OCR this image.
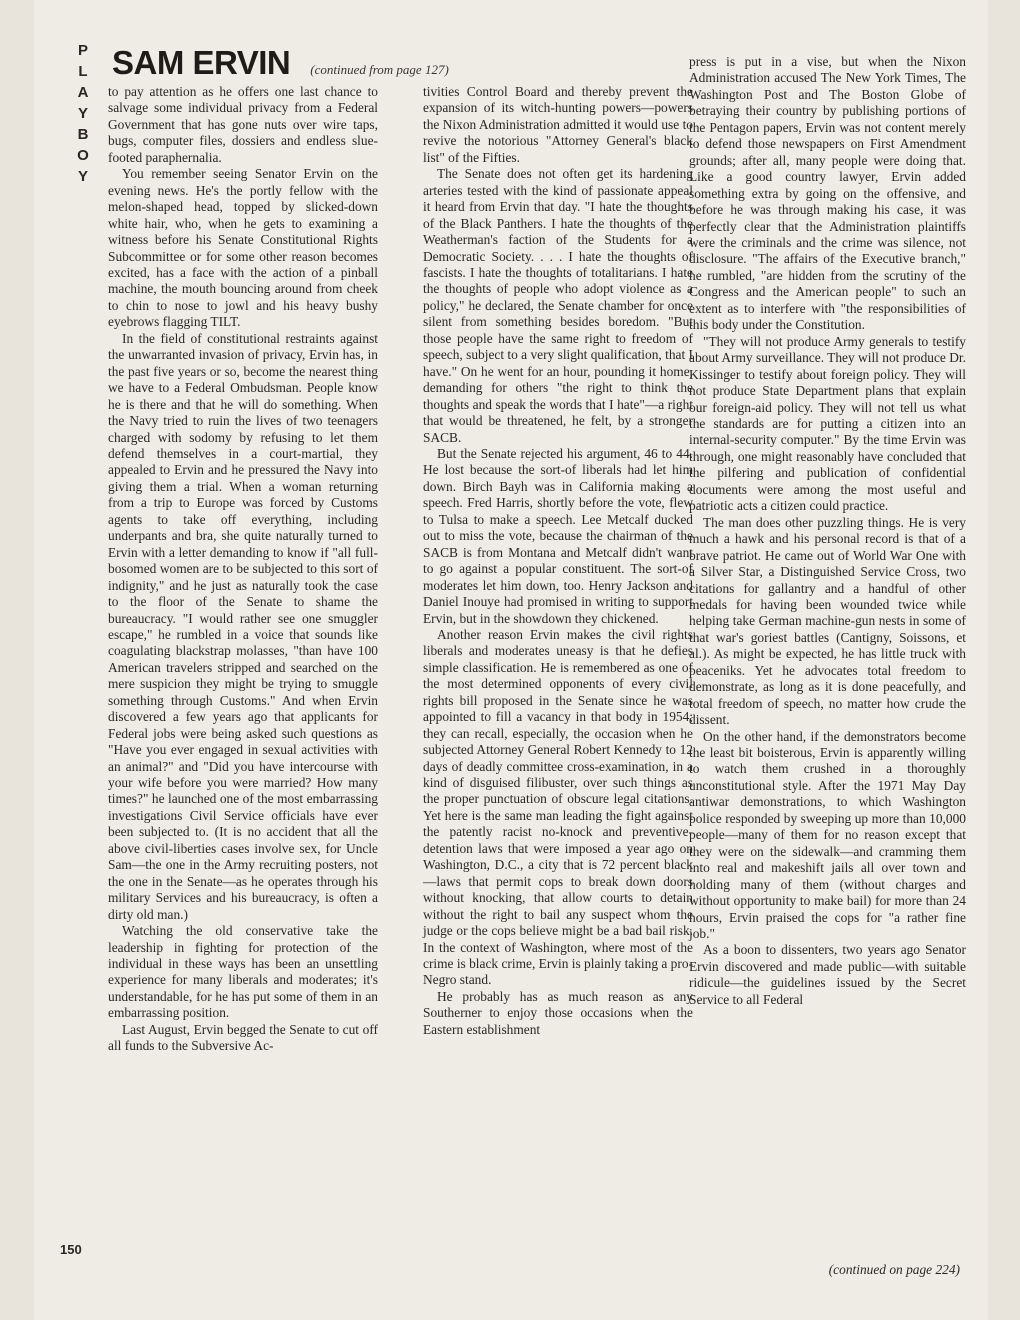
P
L
A
Y
B
O
Y
SAM ERVIN (continued from page 127)

to pay attention as he offers one last chance to salvage some individual privacy from a Federal Government that has gone nuts over wire taps, bugs, computer files, dossiers and endless slue-footed paraphernalia.

You remember seeing Senator Ervin on the evening news. He's the portly fellow with the melon-shaped head, topped by slicked-down white hair, who, when he gets to examining a witness before his Senate Constitutional Rights Subcommittee or for some other reason becomes excited, has a face with the action of a pinball machine, the mouth bouncing around from cheek to chin to nose to jowl and his heavy bushy eyebrows flagging TILT.

In the field of constitutional restraints against the unwarranted invasion of privacy, Ervin has, in the past five years or so, become the nearest thing we have to a Federal Ombudsman. People know he is there and that he will do something. When the Navy tried to ruin the lives of two teenagers charged with sodomy by refusing to let them defend themselves in a court-martial, they appealed to Ervin and he pressured the Navy into giving them a trial. When a woman returning from a trip to Europe was forced by Customs agents to take off everything, including underpants and bra, she quite naturally turned to Ervin with a letter demanding to know if "all full-bosomed women are to be subjected to this sort of indignity," and he just as naturally took the case to the floor of the Senate to shame the bureaucracy. "I would rather see one smuggler escape," he rumbled in a voice that sounds like coagulating blackstrap molasses, "than have 100 American travelers stripped and searched on the mere suspicion they might be trying to smuggle something through Customs." And when Ervin discovered a few years ago that applicants for Federal jobs were being asked such questions as "Have you ever engaged in sexual activities with an animal?" and "Did you have intercourse with your wife before you were married? How many times?" he launched one of the most embarrassing investigations Civil Service officials have ever been subjected to. (It is no accident that all the above civil-liberties cases involve sex, for Uncle Sam—the one in the Army recruiting posters, not the one in the Senate—as he operates through his military Services and his bureaucracy, is often a dirty old man.)

Watching the old conservative take the leadership in fighting for protection of the individual in these ways has been an unsettling experience for many liberals and moderates; it's understandable, for he has put some of them in an embarrassing position.

Last August, Ervin begged the Senate to cut off all funds to the Subversive Ac-

tivities Control Board and thereby prevent the expansion of its witch-hunting powers—powers the Nixon Administration admitted it would use to revive the notorious "Attorney General's black list" of the Fifties.

The Senate does not often get its hardening arteries tested with the kind of passionate appeal it heard from Ervin that day. "I hate the thoughts of the Black Panthers. I hate the thoughts of the Weatherman's faction of the Students for a Democratic Society. . . . I hate the thoughts of fascists. I hate the thoughts of totalitarians. I hate the thoughts of people who adopt violence as a policy," he declared, the Senate chamber for once silent from something besides boredom. "But those people have the same right to freedom of speech, subject to a very slight qualification, that I have." On he went for an hour, pounding it home, demanding for others "the right to think the thoughts and speak the words that I hate"—a right that would be threatened, he felt, by a stronger SACB.

But the Senate rejected his argument, 46 to 44. He lost because the sort-of liberals had let him down. Birch Bayh was in California making a speech. Fred Harris, shortly before the vote, flew to Tulsa to make a speech. Lee Metcalf ducked out to miss the vote, because the chairman of the SACB is from Montana and Metcalf didn't want to go against a popular constituent. The sort-of moderates let him down, too. Henry Jackson and Daniel Inouye had promised in writing to support Ervin, but in the showdown they chickened.

Another reason Ervin makes the civil rights liberals and moderates uneasy is that he defies simple classification. He is remembered as one of the most determined opponents of every civil rights bill proposed in the Senate since he was appointed to fill a vacancy in that body in 1954; they can recall, especially, the occasion when he subjected Attorney General Robert Kennedy to 12 days of deadly committee cross-examination, in a kind of disguised filibuster, over such things as the proper punctuation of obscure legal citations. Yet here is the same man leading the fight against the patently racist no-knock and preventive-detention laws that were imposed a year ago on Washington, D.C., a city that is 72 percent black—laws that permit cops to break down doors without knocking, that allow courts to detain without the right to bail any suspect whom the judge or the cops believe might be a bad bail risk. In the context of Washington, where most of the crime is black crime, Ervin is plainly taking a pro-Negro stand.

He probably has as much reason as any Southerner to enjoy those occasions when the Eastern establishment

press is put in a vise, but when the Nixon Administration accused The New York Times, The Washington Post and The Boston Globe of betraying their country by publishing portions of the Pentagon papers, Ervin was not content merely to defend those newspapers on First Amendment grounds; after all, many people were doing that. Like a good country lawyer, Ervin added something extra by going on the offensive, and before he was through making his case, it was perfectly clear that the Administration plaintiffs were the criminals and the crime was silence, not disclosure. "The affairs of the Executive branch," he rumbled, "are hidden from the scrutiny of the Congress and the American people" to such an extent as to interfere with "the responsibilities of this body under the Constitution.

"They will not produce Army generals to testify about Army surveillance. They will not produce Dr. Kissinger to testify about foreign policy. They will not produce State Department plans that explain our foreign-aid policy. They will not tell us what the standards are for putting a citizen into an internal-security computer." By the time Ervin was through, one might reasonably have concluded that the pilfering and publication of confidential documents were among the most useful and patriotic acts a citizen could practice.

The man does other puzzling things. He is very much a hawk and his personal record is that of a brave patriot. He came out of World War One with a Silver Star, a Distinguished Service Cross, two citations for gallantry and a handful of other medals for having been wounded twice while helping take German machine-gun nests in some of that war's goriest battles (Cantigny, Soissons, et al.). As might be expected, he has little truck with peaceniks. Yet he advocates total freedom to demonstrate, as long as it is done peacefully, and total freedom of speech, no matter how crude the dissent.

On the other hand, if the demonstrators become the least bit boisterous, Ervin is apparently willing to watch them crushed in a thoroughly unconstitutional style. After the 1971 May Day antiwar demonstrations, to which Washington police responded by sweeping up more than 10,000 people—many of them for no reason except that they were on the sidewalk—and cramming them into real and makeshift jails all over town and holding many of them (without charges and without opportunity to make bail) for more than 24 hours, Ervin praised the cops for "a rather fine job."

As a boon to dissenters, two years ago Senator Ervin discovered and made public—with suitable ridicule—the guidelines issued by the Secret Service to all Federal

150
(continued on page 224)
